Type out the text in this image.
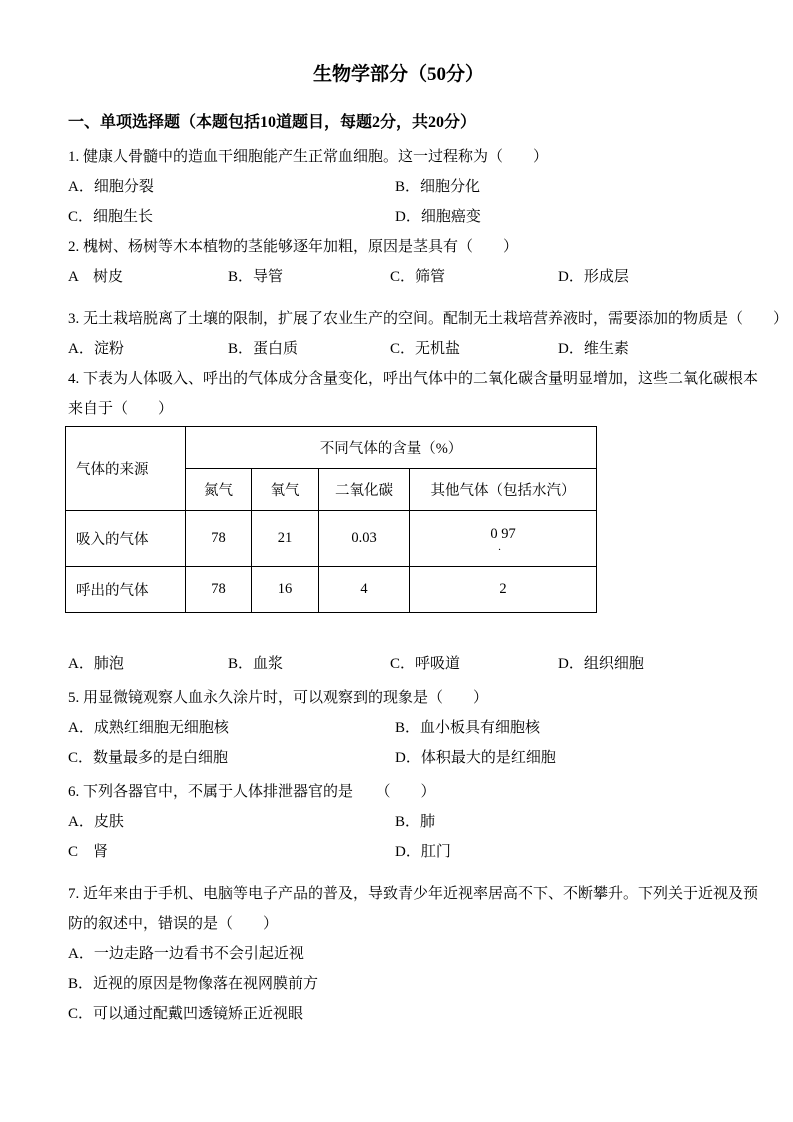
生物学部分（50分）
一、单项选择题（本题包括10道题目，每题2分，共20分）
1. 健康人骨髓中的造血干细胞能产生正常血细胞。这一过程称为（　　）
A．细胞分裂	B．细胞分化
C．细胞生长	D．细胞癌变
2. 槐树、杨树等木本植物的茎能够逐年加粗，原因是茎具有（　　）
A　树皮	B．导管	C．筛管	D．形成层
3. 无土栽培脱离了土壤的限制，扩展了农业生产的空间。配制无土栽培营养液时，需要添加的物质是（　　）
A．淀粉	B．蛋白质	C．无机盐	D．维生素
4. 下表为人体吸入、呼出的气体成分含量变化，呼出气体中的二氧化碳含量明显增加，这些二氧化碳根本
来自于（　　）
气体的来源	不同气体的含量（%）			
	氮气	氧气	二氧化碳	其他气体（包括水汽）
吸入的气体	78	21	0.03	0 97
．

呼出的气体	78	16	4	2
A．肺泡	B．血浆	C．呼吸道	D．组织细胞
5. 用显微镜观察人血永久涂片时，可以观察到的现象是（　　）
A．成熟红细胞无细胞核	B．血小板具有细胞核
C．数量最多的是白细胞	D．体积最大的是红细胞
6. 下列各器官中，不属于人体排泄器官的是　　（　　）
A．皮肤	B．肺
C　肾	D．肛门
7. 近年来由于手机、电脑等电子产品的普及，导致青少年近视率居高不下、不断攀升。下列关于近视及预
防的叙述中，错误的是（　　）
A．一边走路一边看书不会引起近视
B．近视的原因是物像落在视网膜前方
C．可以通过配戴凹透镜矫正近视眼
